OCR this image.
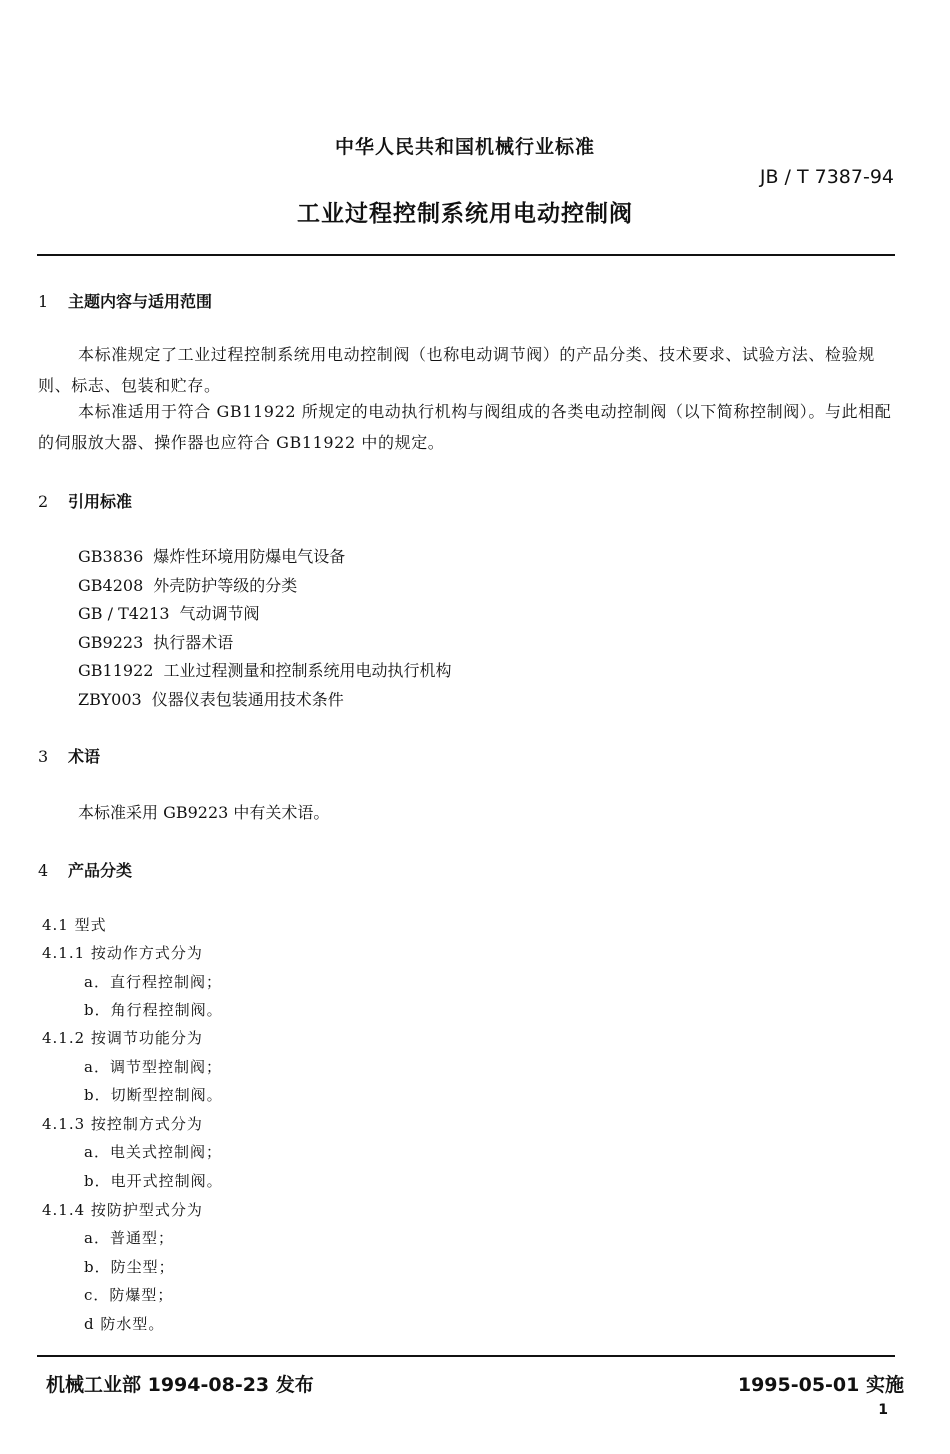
中华人民共和国机械行业标准
JB / T 7387-94
工业过程控制系统用电动控制阀
1 主题内容与适用范围
本标准规定了工业过程控制系统用电动控制阀（也称电动调节阀）的产品分类、技术要求、试验方法、检验规则、标志、包装和贮存。
本标准适用于符合 GB11922 所规定的电动执行机构与阀组成的各类电动控制阀（以下简称控制阀）。与此相配的伺服放大器、操作器也应符合 GB11922 中的规定。
2 引用标准
GB3836 爆炸性环境用防爆电气设备
GB4208 外壳防护等级的分类
GB / T4213 气动调节阀
GB9223 执行器术语
GB11922 工业过程测量和控制系统用电动执行机构
ZBY003 仪器仪表包装通用技术条件
3 术语
本标准采用 GB9223 中有关术语。
4 产品分类
4.1 型式
4.1.1 按动作方式分为
a．直行程控制阀；
b．角行程控制阀。
4.1.2 按调节功能分为
a．调节型控制阀；
b．切断型控制阀。
4.1.3 按控制方式分为
a．电关式控制阀；
b．电开式控制阀。
4.1.4 按防护型式分为
a．普通型；
b．防尘型；
c．防爆型；
d 防水型。
机械工业部 1994-08-23 发布	1995-05-01 实施
1
